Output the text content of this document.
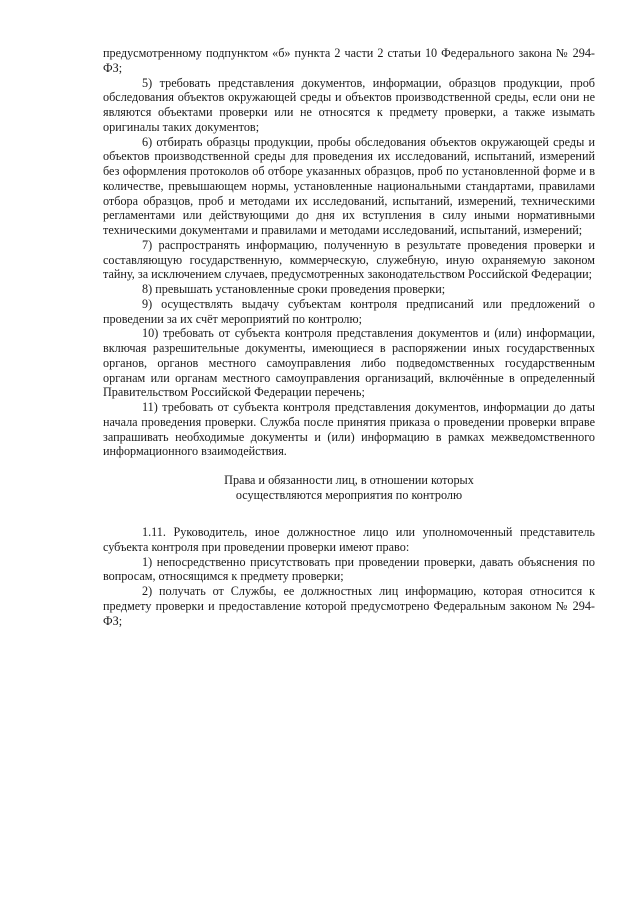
предусмотренному подпунктом «б» пункта 2 части 2 статьи 10 Федерального закона № 294-ФЗ;

5) требовать представления документов, информации, образцов продукции, проб обследования объектов окружающей среды и объектов производственной среды, если они не являются объектами проверки или не относятся к предмету проверки, а также изымать оригиналы таких документов;

6) отбирать образцы продукции, пробы обследования объектов окружающей среды и объектов производственной среды для проведения их исследований, испытаний, измерений без оформления протоколов об отборе указанных образцов, проб по установленной форме и в количестве, превышающем нормы, установленные национальными стандартами, правилами отбора образцов, проб и методами их исследований, испытаний, измерений, техническими регламентами или действующими до дня их вступления в силу иными нормативными техническими документами и правилами и методами исследований, испытаний, измерений;

7) распространять информацию, полученную в результате проведения проверки и составляющую государственную, коммерческую, служебную, иную охраняемую законом тайну, за исключением случаев, предусмотренных законодательством Российской Федерации;

8) превышать установленные сроки проведения проверки;

9) осуществлять выдачу субъектам контроля предписаний или предложений о проведении за их счёт мероприятий по контролю;

10) требовать от субъекта контроля представления документов и (или) информации, включая разрешительные документы, имеющиеся в распоряжении иных государственных органов, органов местного самоуправления либо подведомственных государственным органам или органам местного самоуправления организаций, включённые в определенный Правительством Российской Федерации перечень;

11) требовать от субъекта контроля представления документов, информации до даты начала проведения проверки. Служба после принятия приказа о проведении проверки вправе запрашивать необходимые документы и (или) информацию в рамках межведомственного информационного взаимодействия.

Права и обязанности лиц, в отношении которых

осуществляются мероприятия по контролю

1.11. Руководитель, иное должностное лицо или уполномоченный представитель субъекта контроля при проведении проверки имеют право:

1) непосредственно присутствовать при проведении проверки, давать объяснения по вопросам, относящимся к предмету проверки;

2) получать от Службы, ее должностных лиц информацию, которая относится к предмету проверки и предоставление которой предусмотрено Федеральным законом № 294-ФЗ;
